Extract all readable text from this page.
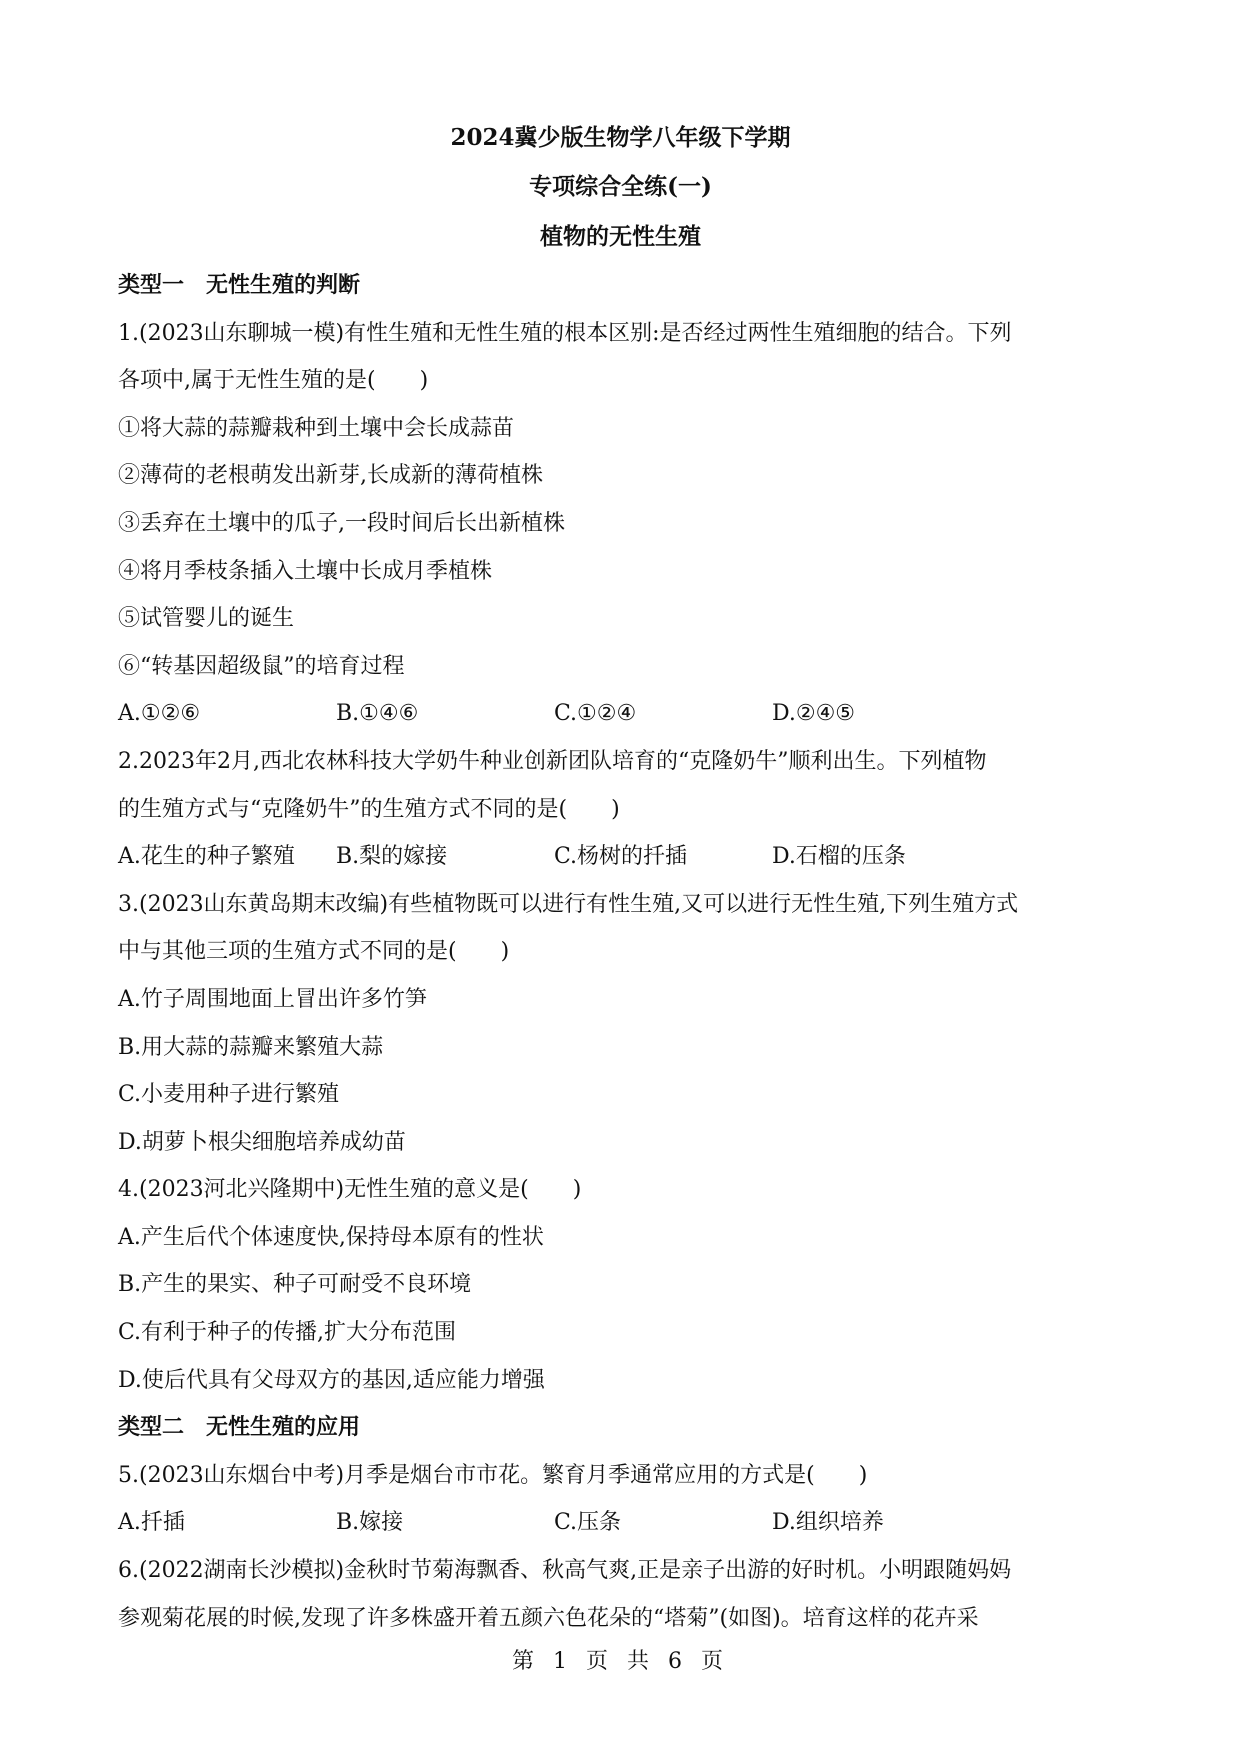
2024冀少版生物学八年级下学期
专项综合全练(一)
植物的无性生殖
类型一　无性生殖的判断
1.(2023山东聊城一模)有性生殖和无性生殖的根本区别:是否经过两性生殖细胞的结合。下列
各项中,属于无性生殖的是(　　)
①将大蒜的蒜瓣栽种到土壤中会长成蒜苗
②薄荷的老根萌发出新芽,长成新的薄荷植株
③丢弃在土壤中的瓜子,一段时间后长出新植株
④将月季枝条插入土壤中长成月季植株
⑤试管婴儿的诞生
⑥“转基因超级鼠”的培育过程
A.①②⑥	B.①④⑥	C.①②④	D.②④⑤
2.2023年2月,西北农林科技大学奶牛种业创新团队培育的“克隆奶牛”顺利出生。下列植物
的生殖方式与“克隆奶牛”的生殖方式不同的是(　　)
A.花生的种子繁殖	B.梨的嫁接	C.杨树的扦插	D.石榴的压条
3.(2023山东黄岛期末改编)有些植物既可以进行有性生殖,又可以进行无性生殖,下列生殖方式
中与其他三项的生殖方式不同的是(　　)
A.竹子周围地面上冒出许多竹笋
B.用大蒜的蒜瓣来繁殖大蒜
C.小麦用种子进行繁殖
D.胡萝卜根尖细胞培养成幼苗
4.(2023河北兴隆期中)无性生殖的意义是(　　)
A.产生后代个体速度快,保持母本原有的性状
B.产生的果实、种子可耐受不良环境
C.有利于种子的传播,扩大分布范围
D.使后代具有父母双方的基因,适应能力增强
类型二　无性生殖的应用
5.(2023山东烟台中考)月季是烟台市市花。繁育月季通常应用的方式是(　　)
A.扦插	B.嫁接	C.压条	D.组织培养
6.(2022湖南长沙模拟)金秋时节菊海飘香、秋高气爽,正是亲子出游的好时机。小明跟随妈妈
参观菊花展的时候,发现了许多株盛开着五颜六色花朵的“塔菊”(如图)。培育这样的花卉采
第 1 页 共 6 页
